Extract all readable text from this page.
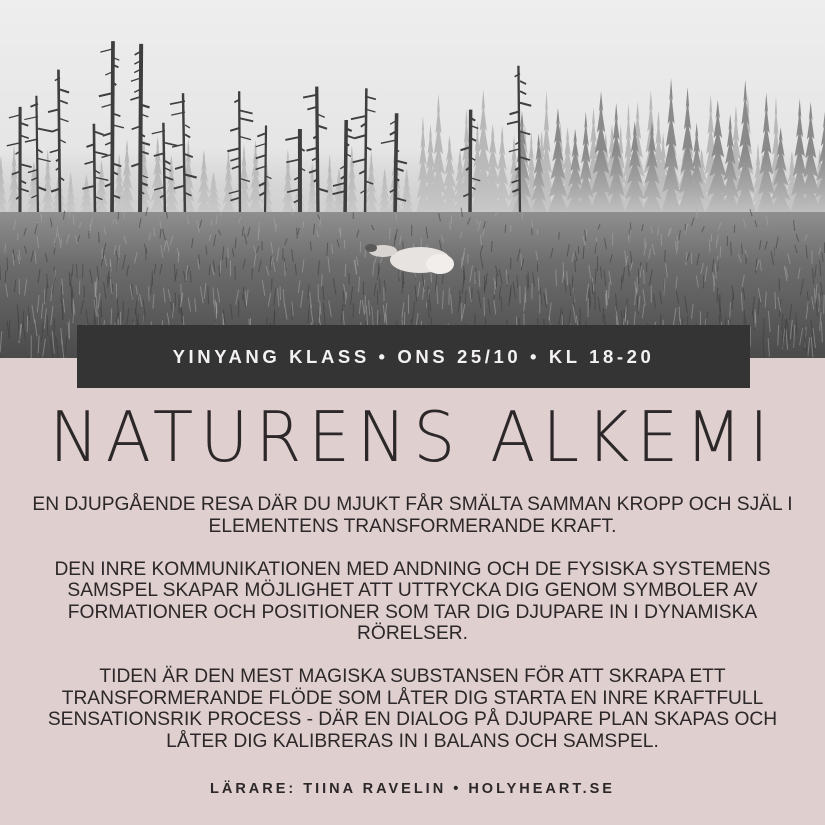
YINYANG KLASS • ONS 25/10 • KL 18-20
NATURENS ALKEMI

EN DJUPGÅENDE RESA DÄR DU MJUKT FÅR SMÄLTA SAMMAN KROPP OCH SJÄL I ELEMENTENS TRANSFORMERANDE KRAFT.

DEN INRE KOMMUNIKATIONEN MED ANDNING OCH DE FYSISKA SYSTEMENS SAMSPEL SKAPAR MÖJLIGHET ATT UTTRYCKA DIG GENOM SYMBOLER AV FORMATIONER OCH POSITIONER SOM TAR DIG DJUPARE IN I DYNAMISKA RÖRELSER.

TIDEN ÄR DEN MEST MAGISKA SUBSTANSEN FÖR ATT SKRAPA ETT TRANSFORMERANDE FLÖDE SOM LÅTER DIG STARTA EN INRE KRAFTFULL SENSATIONSRIK PROCESS - DÄR EN DIALOG PÅ DJUPARE PLAN SKAPAS OCH LÅTER DIG KALIBRERAS IN I BALANS OCH SAMSPEL.

LÄRARE: TIINA RAVELIN • HOLYHEART.SE
